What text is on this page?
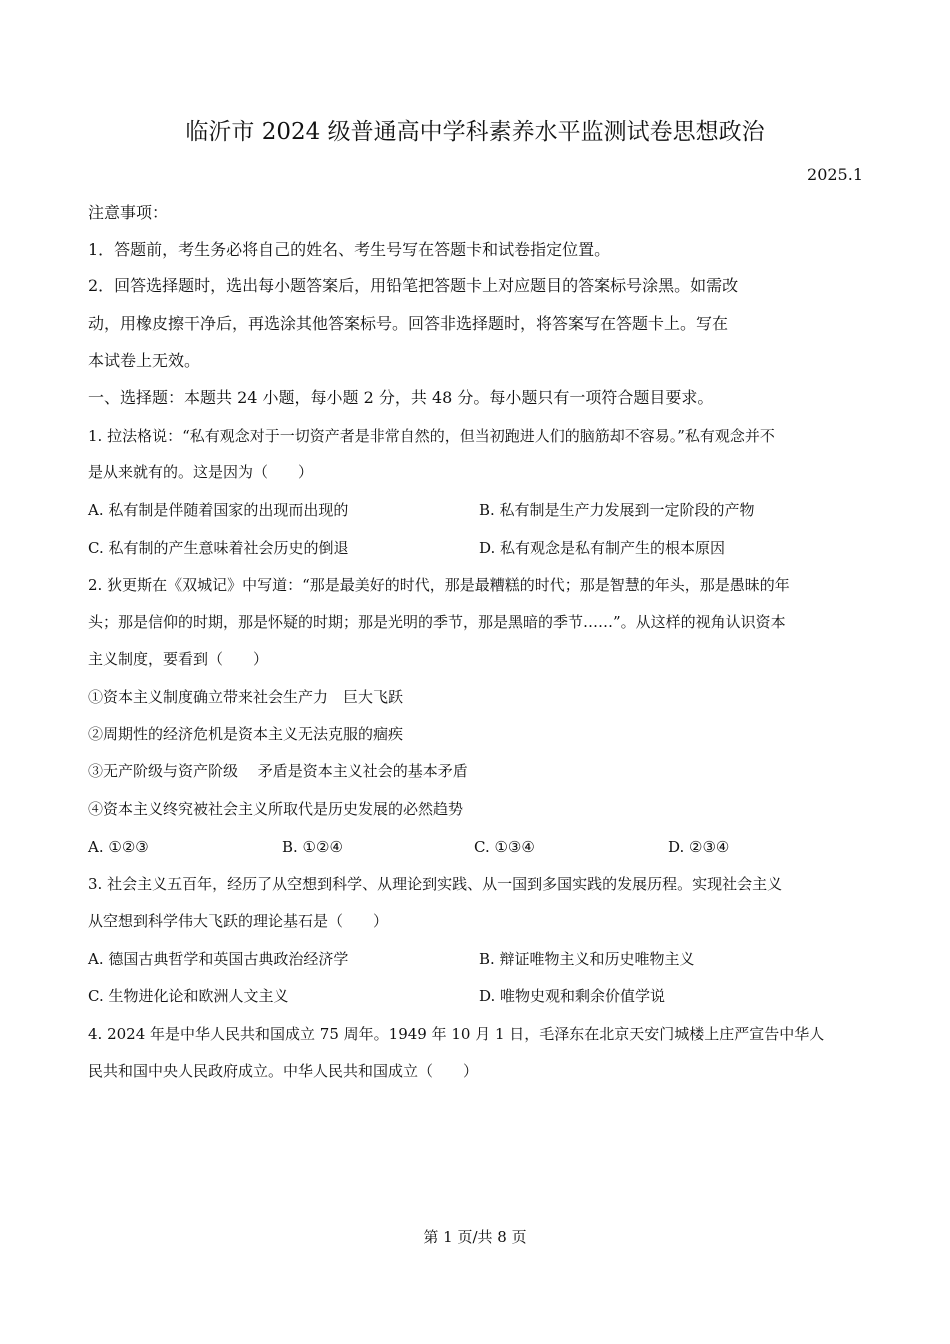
临沂市 2024 级普通高中学科素养水平监测试卷思想政治
2025.1
注意事项：
1．答题前，考生务必将自己的姓名、考生号写在答题卡和试卷指定位置。
2．回答选择题时，选出每小题答案后，用铅笔把答题卡上对应题目的答案标号涂黑。如需改
动，用橡皮擦干净后，再选涂其他答案标号。回答非选择题时，将答案写在答题卡上。写在
本试卷上无效。
一、选择题：本题共 24 小题，每小题 2 分，共 48 分。每小题只有一项符合题目要求。
1. 拉法格说：“私有观念对于一切资产者是非常自然的，但当初跑进人们的脑筋却不容易。”私有观念并不
是从来就有的。这是因为（　　）
A. 私有制是伴随着国家的出现而出现的	B. 私有制是生产力发展到一定阶段的产物
C. 私有制的产生意味着社会历史的倒退	D. 私有观念是私有制产生的根本原因
2. 狄更斯在《双城记》中写道：“那是最美好的时代，那是最糟糕的时代；那是智慧的年头，那是愚昧的年
头；那是信仰的时期，那是怀疑的时期；那是光明的季节，那是黑暗的季节……”。从这样的视角认识资本
主义制度，要看到（　　）
①资本主义制度确立带来社会生产力　巨大飞跃
②周期性的经济危机是资本主义无法克服的痼疾
③无产阶级与资产阶级　 矛盾是资本主义社会的基本矛盾
④资本主义终究被社会主义所取代是历史发展的必然趋势
A. ①②③	B. ①②④	C. ①③④	D. ②③④
3. 社会主义五百年，经历了从空想到科学、从理论到实践、从一国到多国实践的发展历程。实现社会主义
从空想到科学伟大飞跃的理论基石是（　　）
A. 德国古典哲学和英国古典政治经济学	B. 辩证唯物主义和历史唯物主义
C. 生物进化论和欧洲人文主义	D. 唯物史观和剩余价值学说
4. 2024 年是中华人民共和国成立 75 周年。1949 年 10 月 1 日，毛泽东在北京天安门城楼上庄严宣告中华人
民共和国中央人民政府成立。中华人民共和国成立（　　）
第 1 页/共 8 页
